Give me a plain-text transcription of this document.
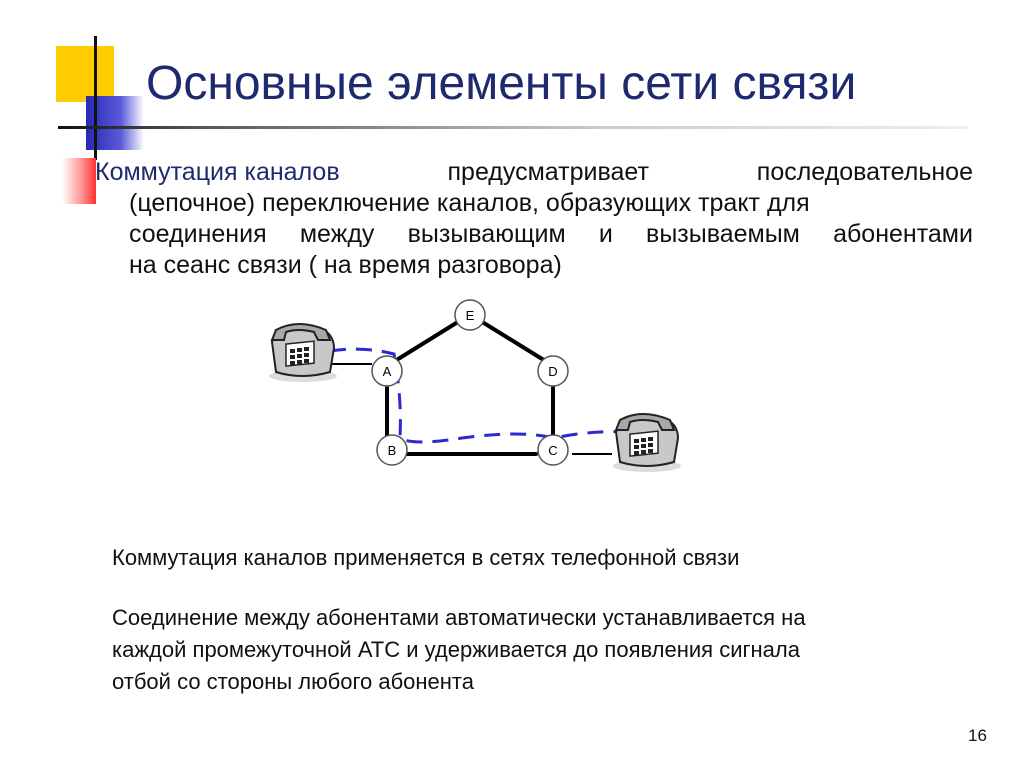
Основные элементы сети связи
Коммутация каналов	предусматривает	последовательное
(цепочное) переключение каналов, образующих тракт для
соединения между вызывающим и вызываемым абонентами
на сеанс связи ( на время разговора)
E
A	D
B	C

Коммутация каналов применяется в сетях телефонной связи

Соединение между абонентами автоматически устанавливается на
каждой промежуточной АТС и удерживается до появления сигнала
отбой со стороны любого абонента

16
